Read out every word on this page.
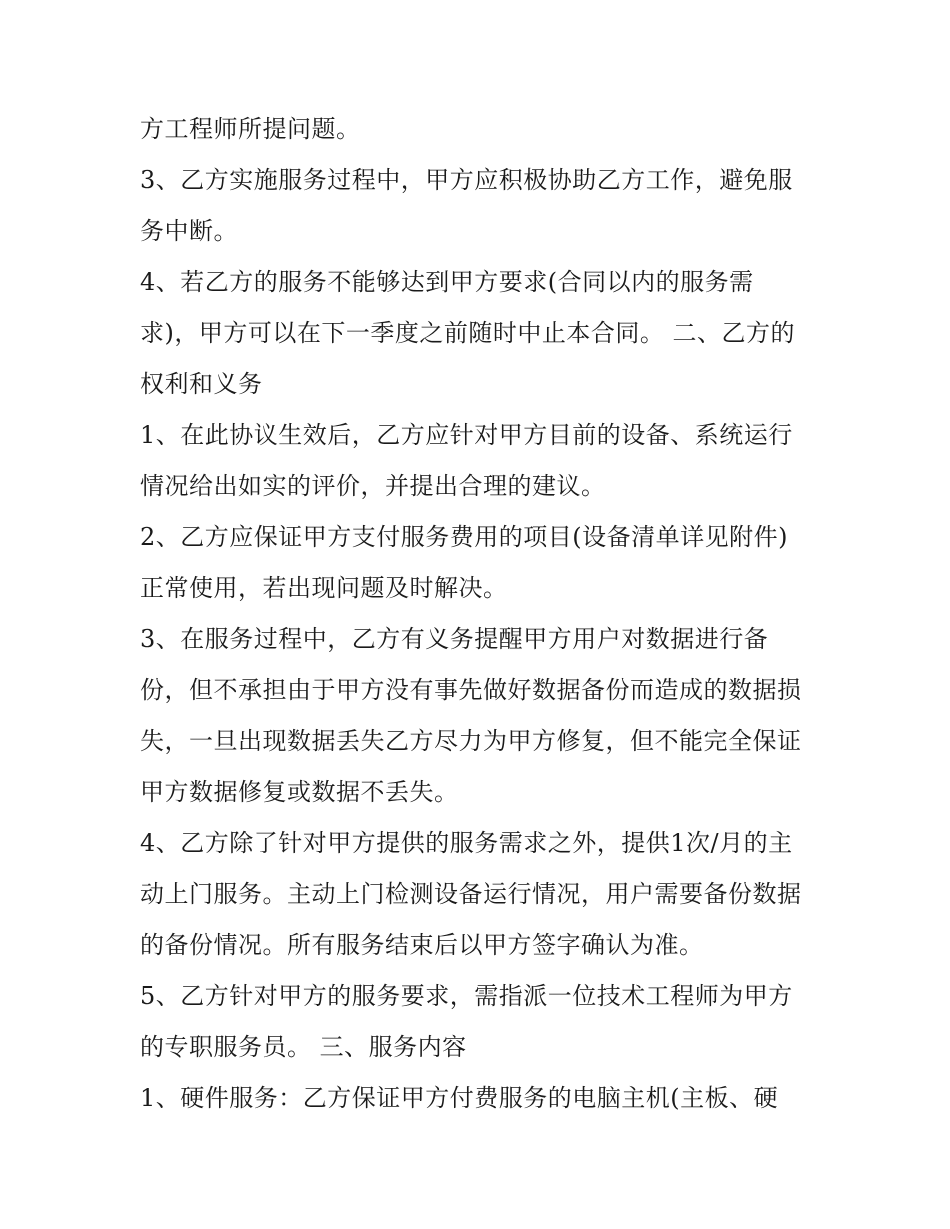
方工程师所提问题。
3、乙方实施服务过程中，甲方应积极协助乙方工作，避免服
务中断。
4、若乙方的服务不能够达到甲方要求(合同以内的服务需
求)，甲方可以在下一季度之前随时中止本合同。 二、乙方的
权利和义务
1、在此协议生效后，乙方应针对甲方目前的设备、系统运行
情况给出如实的评价，并提出合理的建议。
2、乙方应保证甲方支付服务费用的项目(设备清单详见附件)
正常使用，若出现问题及时解决。
3、在服务过程中，乙方有义务提醒甲方用户对数据进行备
份，但不承担由于甲方没有事先做好数据备份而造成的数据损
失，一旦出现数据丢失乙方尽力为甲方修复，但不能完全保证
甲方数据修复或数据不丢失。
4、乙方除了针对甲方提供的服务需求之外，提供1次/月的主
动上门服务。主动上门检测设备运行情况，用户需要备份数据
的备份情况。所有服务结束后以甲方签字确认为准。
5、乙方针对甲方的服务要求，需指派一位技术工程师为甲方
的专职服务员。 三、服务内容
1、硬件服务：乙方保证甲方付费服务的电脑主机(主板、硬
